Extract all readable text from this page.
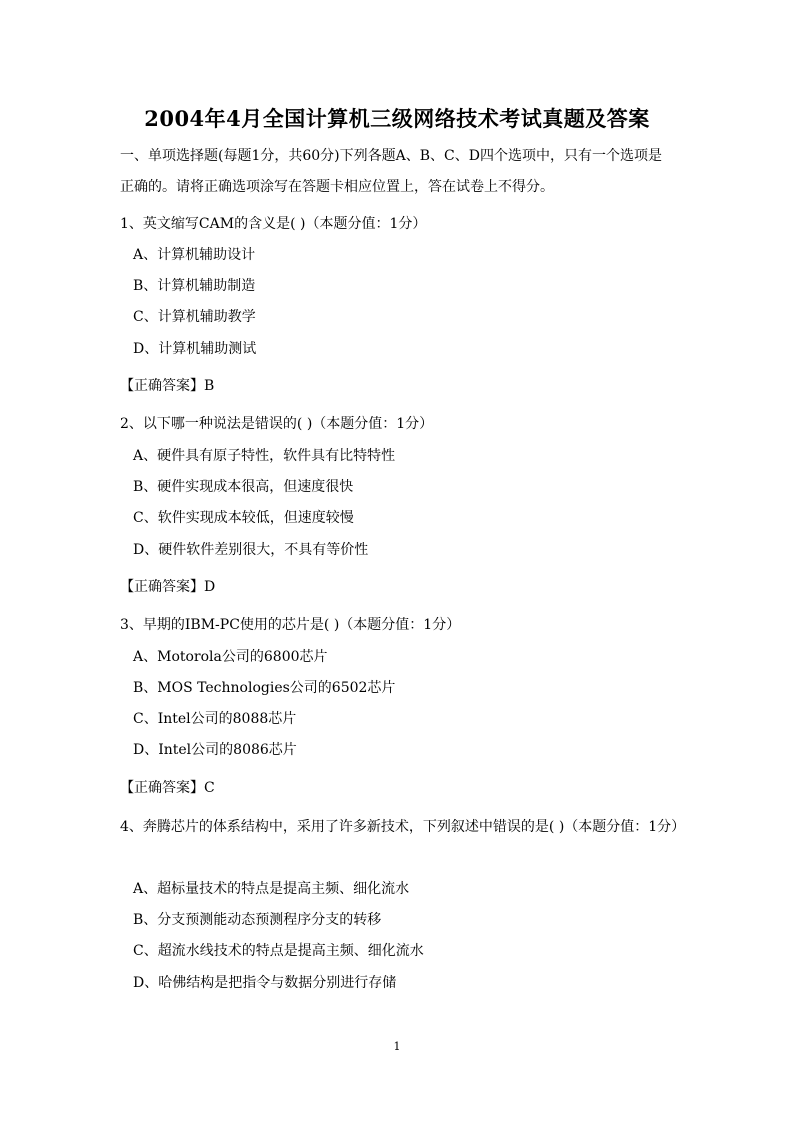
2004年4月全国计算机三级网络技术考试真题及答案
一、单项选择题(每题1分，共60分)下列各题A、B、C、D四个选项中，只有一个选项是
正确的。请将正确选项涂写在答题卡相应位置上，答在试卷上不得分。
1、英文缩写CAM的含义是( )（本题分值：1分）
A、计算机辅助设计
B、计算机辅助制造
C、计算机辅助教学
D、计算机辅助测试
【正确答案】B
2、以下哪一种说法是错误的( )（本题分值：1分）
A、硬件具有原子特性，软件具有比特特性
B、硬件实现成本很高，但速度很快
C、软件实现成本较低，但速度较慢
D、硬件软件差别很大，不具有等价性
【正确答案】D
3、早期的IBM-PC使用的芯片是( )（本题分值：1分）
A、Motorola公司的6800芯片
B、MOS Technologies公司的6502芯片
C、Intel公司的8088芯片
D、Intel公司的8086芯片
【正确答案】C
4、奔腾芯片的体系结构中，采用了许多新技术，下列叙述中错误的是( )（本题分值：1分）
A、超标量技术的特点是提高主频、细化流水
B、分支预测能动态预测程序分支的转移
C、超流水线技术的特点是提高主频、细化流水
D、哈佛结构是把指令与数据分别进行存储
1
